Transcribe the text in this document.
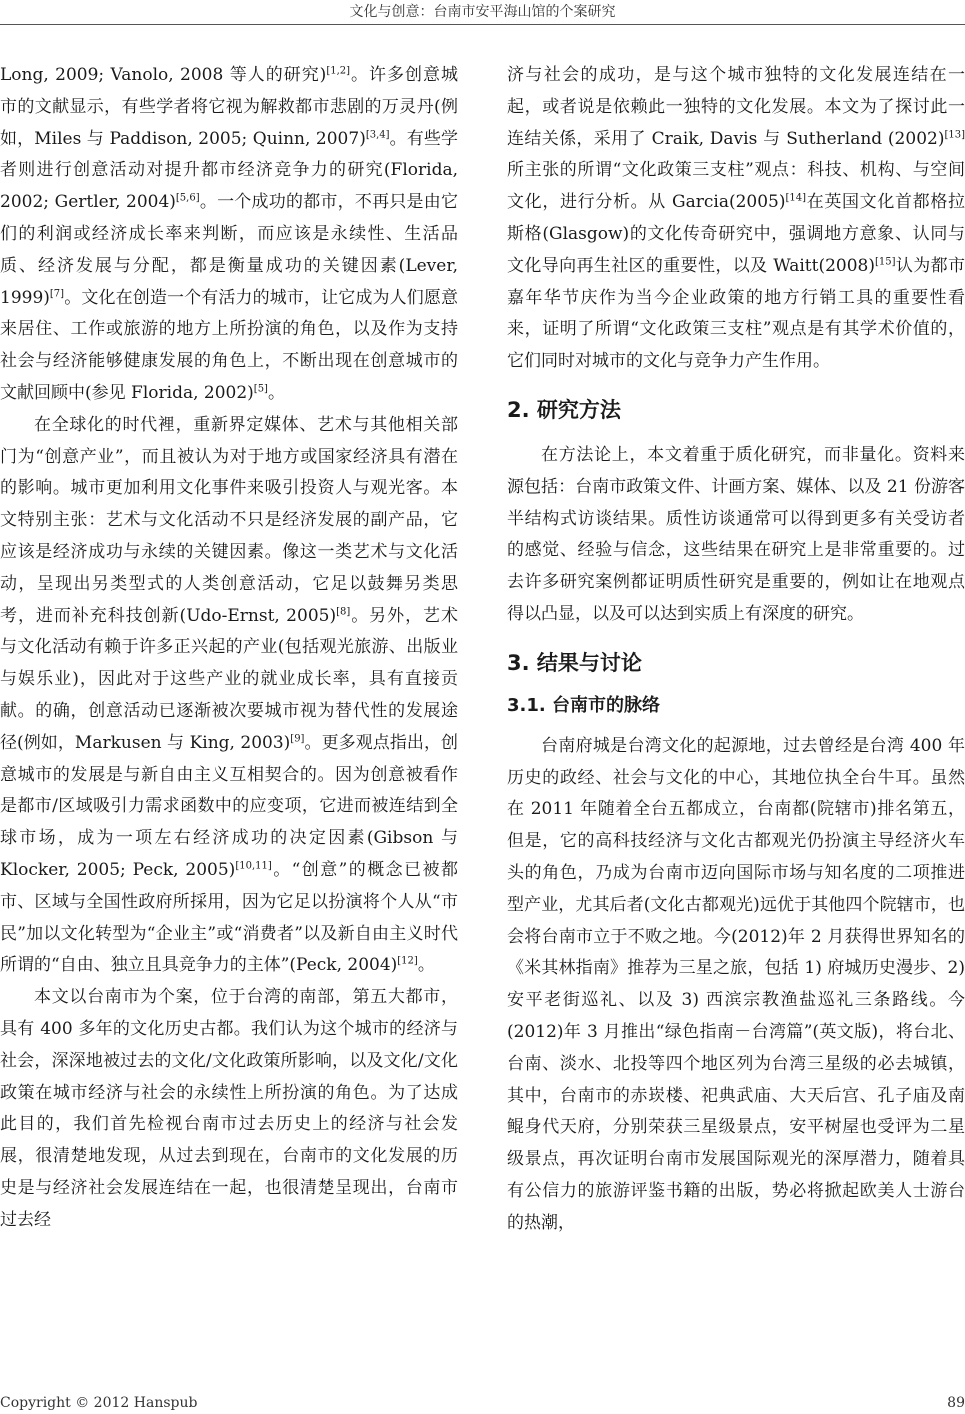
文化与创意：台南市安平海山馆的个案研究

Long, 2009; Vanolo, 2008 等人的研究)[1,2]。许多创意城市的文献显示，有些学者将它视为解救都市悲剧的万灵丹(例如，Miles 与 Paddison, 2005; Quinn, 2007)[3,4]。有些学者则进行创意活动对提升都市经济竞争力的研究(Florida, 2002; Gertler, 2004)[5,6]。一个成功的都市，不再只是由它们的利润或经济成长率来判断，而应该是永续性、生活品质、经济发展与分配，都是衡量成功的关键因素(Lever, 1999)[7]。文化在创造一个有活力的城市，让它成为人们愿意来居住、工作或旅游的地方上所扮演的角色，以及作为支持社会与经济能够健康发展的角色上，不断出现在创意城市的文献回顾中(参见 Florida, 2002)[5]。

在全球化的时代裡，重新界定媒体、艺术与其他相关部门为“创意产业”，而且被认为对于地方或国家经济具有潜在的影响。城市更加利用文化事件来吸引投资人与观光客。本文特别主张：艺术与文化活动不只是经济发展的副产品，它应该是经济成功与永续的关键因素。像这一类艺术与文化活动，呈现出另类型式的人类创意活动，它足以鼓舞另类思考，进而补充科技创新(Udo-Ernst, 2005)[8]。另外，艺术与文化活动有赖于许多正兴起的产业(包括观光旅游、出版业与娱乐业)，因此对于这些产业的就业成长率，具有直接贡献。的确，创意活动已逐渐被次要城市视为替代性的发展途径(例如，Markusen 与 King, 2003)[9]。更多观点指出，创意城市的发展是与新自由主义互相契合的。因为创意被看作是都市/区域吸引力需求函数中的应变项，它进而被连结到全球市场，成为一项左右经济成功的决定因素(Gibson 与 Klocker, 2005; Peck, 2005)[10,11]。“创意”的概念已被都市、区域与全国性政府所採用，因为它足以扮演将个人从“市民”加以文化转型为“企业主”或“消费者”以及新自由主义时代所谓的“自由、独立且具竞争力的主体”(Peck, 2004)[12]。

本文以台南市为个案，位于台湾的南部，第五大都市，具有 400 多年的文化历史古都。我们认为这个城市的经济与社会，深深地被过去的文化/文化政策所影响，以及文化/文化政策在城市经济与社会的永续性上所扮演的角色。为了达成此目的，我们首先检视台南市过去历史上的经济与社会发展，很清楚地发现，从过去到现在，台南市的文化发展的历史是与经济社会发展连结在一起，也很清楚呈现出，台南市过去经

济与社会的成功，是与这个城市独特的文化发展连结在一起，或者说是依赖此一独特的文化发展。本文为了探讨此一连结关係，采用了 Craik, Davis 与 Sutherland (2002)[13]所主张的所谓“文化政策三支柱”观点：科技、机构、与空间文化，进行分析。从 Garcia(2005)[14]在英国文化首都格拉斯格(Glasgow)的文化传奇研究中，强调地方意象、认同与文化导向再生社区的重要性，以及 Waitt(2008)[15]认为都市嘉年华节庆作为当今企业政策的地方行销工具的重要性看来，证明了所谓“文化政策三支柱”观点是有其学术价值的，它们同时对城市的文化与竞争力产生作用。

2. 研究方法

在方法论上，本文着重于质化研究，而非量化。资料来源包括：台南市政策文件、计画方案、媒体、以及 21 份游客半结构式访谈结果。质性访谈通常可以得到更多有关受访者的感觉、经验与信念，这些结果在研究上是非常重要的。过去许多研究案例都证明质性研究是重要的，例如让在地观点得以凸显，以及可以达到实质上有深度的研究。

3. 结果与讨论
3.1. 台南市的脉络

台南府城是台湾文化的起源地，过去曾经是台湾 400 年历史的政经、社会与文化的中心，其地位执全台牛耳。虽然在 2011 年随着全台五都成立，台南都(院辖市)排名第五，但是，它的高科技经济与文化古都观光仍扮演主导经济火车头的角色，乃成为台南市迈向国际市场与知名度的二项推进型产业，尤其后者(文化古都观光)远优于其他四个院辖市，也会将台南市立于不败之地。今(2012)年 2 月获得世界知名的《米其林指南》推荐为三星之旅，包括 1) 府城历史漫步、2) 安平老街巡礼、以及 3) 西滨宗教渔盐巡礼三条路线。今(2012)年 3 月推出“绿色指南－台湾篇”(英文版)，将台北、台南、淡水、北投等四个地区列为台湾三星级的必去城镇，其中，台南市的赤崁楼、祀典武庙、大天后宫、孔子庙及南鲲身代天府，分别荣获三星级景点，安平树屋也受评为二星级景点，再次证明台南市发展国际观光的深厚潜力，随着具有公信力的旅游评鉴书籍的出版，势必将掀起欧美人士游台的热潮，

Copyright © 2012 Hanspub	89
